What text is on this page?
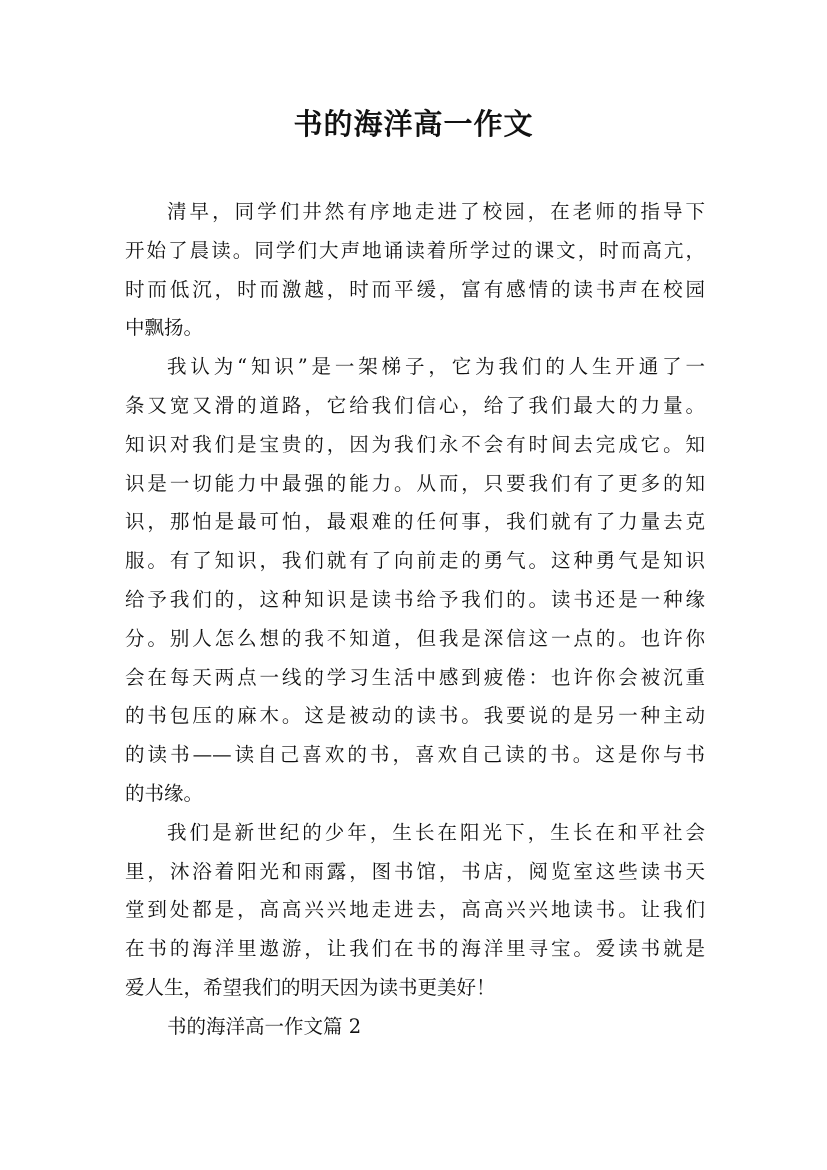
书的海洋高一作文
清早，同学们井然有序地走进了校园，在老师的指导下
开始了晨读。同学们大声地诵读着所学过的课文，时而高亢，
时而低沉，时而激越，时而平缓，富有感情的读书声在校园
中飘扬。
我认为“知识”是一架梯子，它为我们的人生开通了一
条又宽又滑的道路，它给我们信心，给了我们最大的力量。
知识对我们是宝贵的，因为我们永不会有时间去完成它。知
识是一切能力中最强的能力。从而，只要我们有了更多的知
识，那怕是最可怕，最艰难的任何事，我们就有了力量去克
服。有了知识，我们就有了向前走的勇气。这种勇气是知识
给予我们的，这种知识是读书给予我们的。读书还是一种缘
分。别人怎么想的我不知道，但我是深信这一点的。也许你
会在每天两点一线的学习生活中感到疲倦：也许你会被沉重
的书包压的麻木。这是被动的读书。我要说的是另一种主动
的读书——读自己喜欢的书，喜欢自己读的书。这是你与书
的书缘。
我们是新世纪的少年，生长在阳光下，生长在和平社会
里，沐浴着阳光和雨露，图书馆，书店，阅览室这些读书天
堂到处都是，高高兴兴地走进去，高高兴兴地读书。让我们
在书的海洋里遨游，让我们在书的海洋里寻宝。爱读书就是
爱人生，希望我们的明天因为读书更美好！
书的海洋高一作文篇 2
